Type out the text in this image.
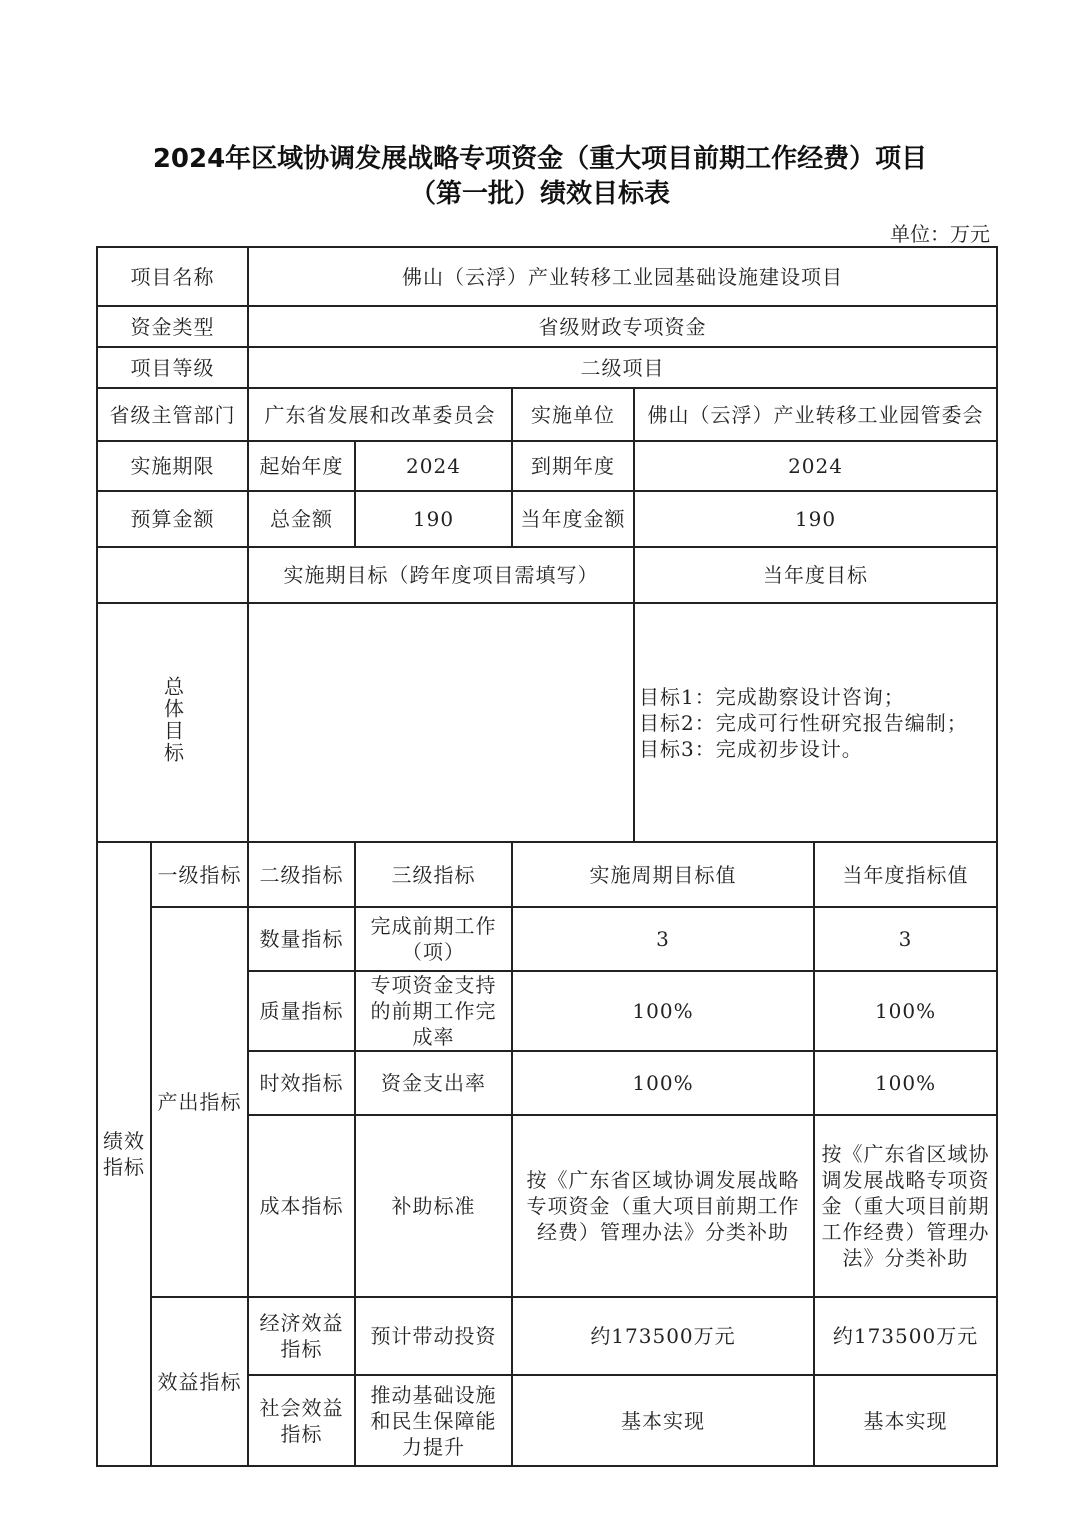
2024年区域协调发展战略专项资金（重大项目前期工作经费）项目
（第一批）绩效目标表
单位：万元
项目名称		佛山（云浮）产业转移工业园基础设施建设项目				
资金类型		省级财政专项资金				
项目等级		二级项目				
省级主管部门		广东省发展和改革委员会		实施单位	佛山（云浮）产业转移工业园管委会	
实施期限		起始年度	2024	到期年度	2024	
预算金额		总金额	190	当年度金额	190	
		实施期目标（跨年度项目需填写）			当年度目标	
总体目标					目标1：完成勘察设计咨询；
目标2：完成可行性研究报告编制；
目标3：完成初步设计。	

绩效指标	一级指标	二级指标	三级指标	实施周期目标值		当年度指标值
	产出指标	数量指标	完成前期工作（项）	3		3
		质量指标	专项资金支持的前期工作完成率	100%		100%
		时效指标	资金支出率	100%		100%
		成本指标	补助标准	按《广东省区域协调发展战略专项资金（重大项目前期工作经费）管理办法》分类补助		按《广东省区域协调发展战略专项资金（重大项目前期工作经费）管理办法》分类补助
	效益指标	经济效益指标	预计带动投资	约173500万元		约173500万元
		社会效益指标	推动基础设施和民生保障能力提升	基本实现		基本实现
